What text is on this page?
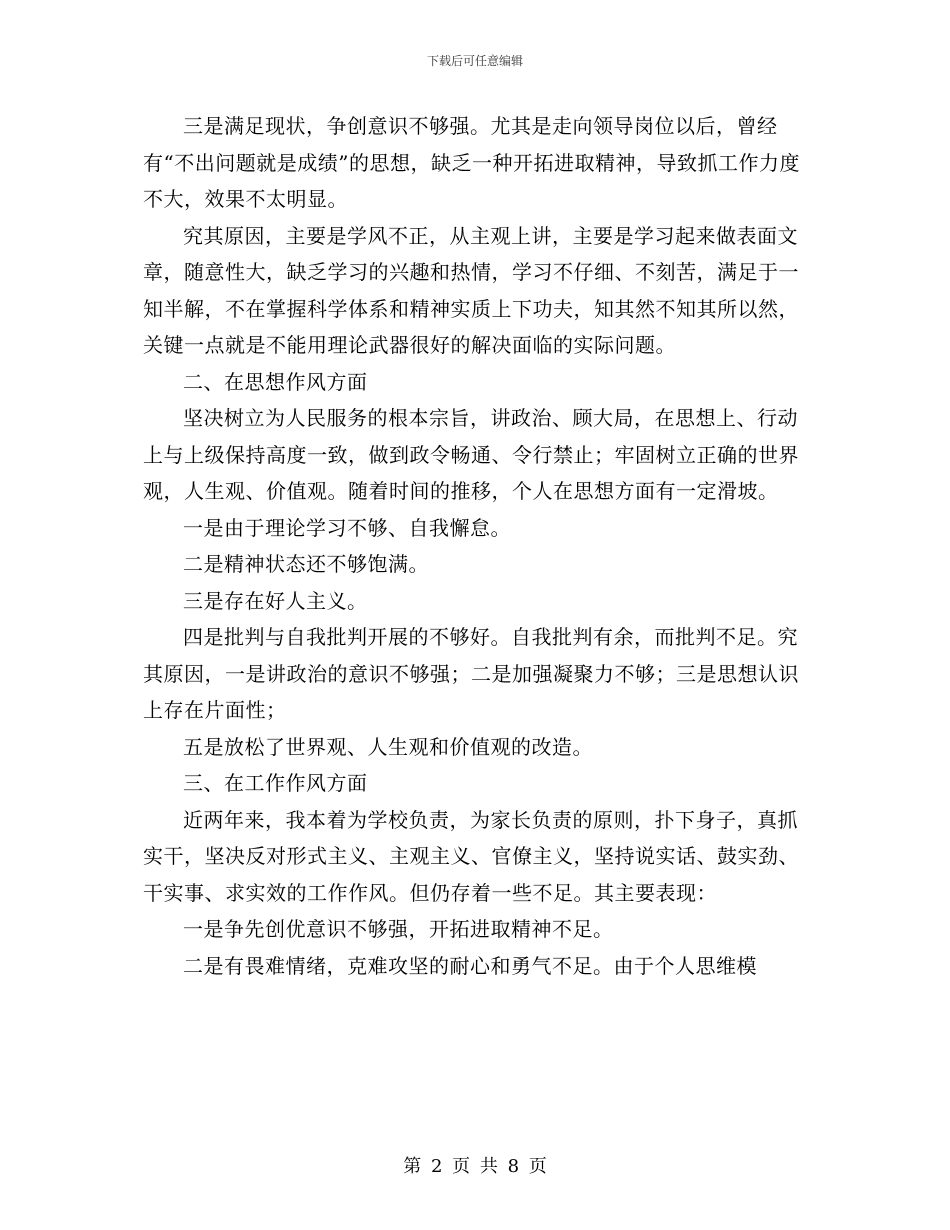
下载后可任意编辑

三是满足现状，争创意识不够强。尤其是走向领导岗位以后，曾经有“不出问题就是成绩”的思想，缺乏一种开拓进取精神，导致抓工作力度不大，效果不太明显。

究其原因，主要是学风不正，从主观上讲，主要是学习起来做表面文章，随意性大，缺乏学习的兴趣和热情，学习不仔细、不刻苦，满足于一知半解，不在掌握科学体系和精神实质上下功夫，知其然不知其所以然，关键一点就是不能用理论武器很好的解决面临的实际问题。

二、在思想作风方面

坚决树立为人民服务的根本宗旨，讲政治、顾大局，在思想上、行动上与上级保持高度一致，做到政令畅通、令行禁止；牢固树立正确的世界观，人生观、价值观。随着时间的推移，个人在思想方面有一定滑坡。

一是由于理论学习不够、自我懈怠。

二是精神状态还不够饱满。

三是存在好人主义。

四是批判与自我批判开展的不够好。自我批判有余，而批判不足。究其原因，一是讲政治的意识不够强；二是加强凝聚力不够；三是思想认识上存在片面性；

五是放松了世界观、人生观和价值观的改造。

三、在工作作风方面

近两年来，我本着为学校负责，为家长负责的原则，扑下身子，真抓实干，坚决反对形式主义、主观主义、官僚主义，坚持说实话、鼓实劲、干实事、求实效的工作作风。但仍存着一些不足。其主要表现：

一是争先创优意识不够强，开拓进取精神不足。

二是有畏难情绪，克难攻坚的耐心和勇气不足。由于个人思维模

第 2 页 共 8 页
